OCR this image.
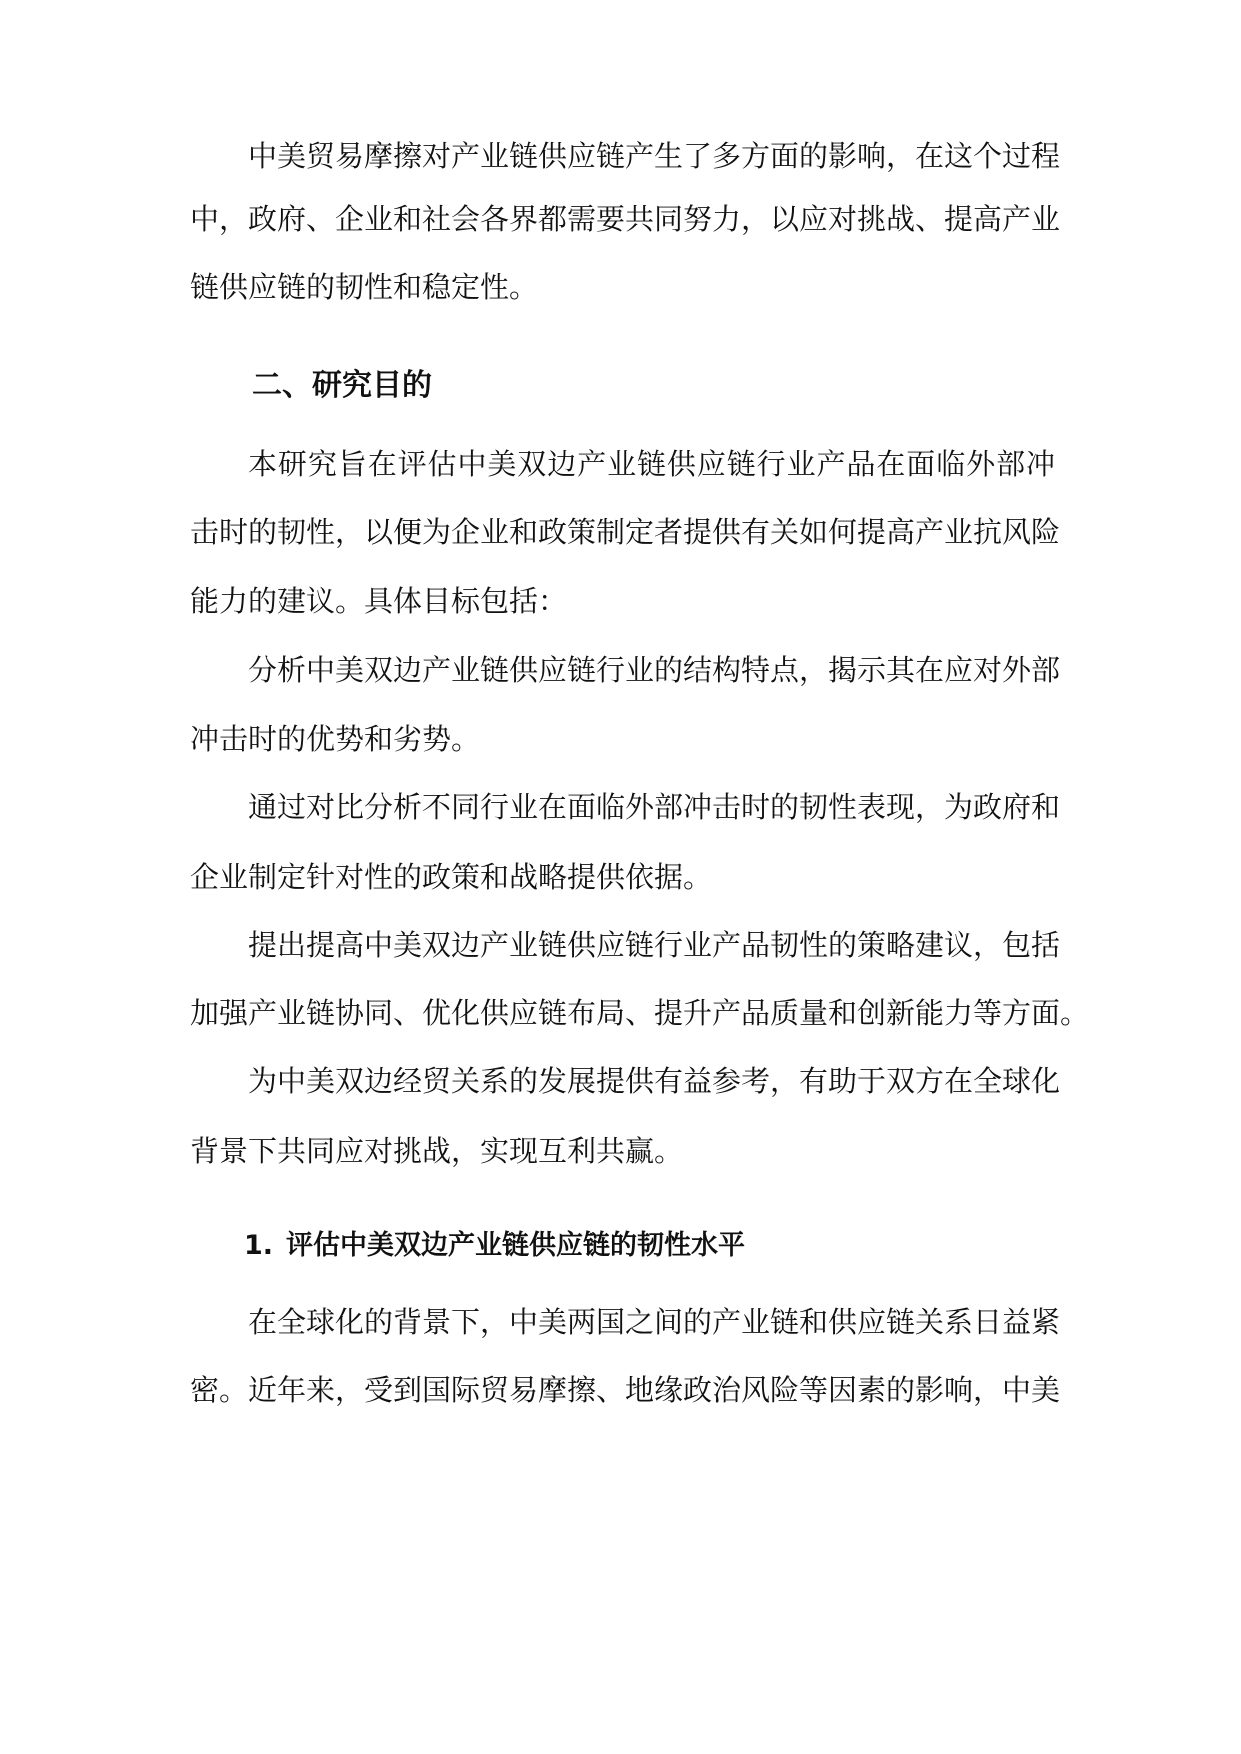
中美贸易摩擦对产业链供应链产生了多方面的影响，在这个过程
中，政府、企业和社会各界都需要共同努力，以应对挑战、提高产业
链供应链的韧性和稳定性。
二、研究目的
本研究旨在评估中美双边产业链供应链行业产品在面临外部冲
击时的韧性，以便为企业和政策制定者提供有关如何提高产业抗风险
能力的建议。具体目标包括：
分析中美双边产业链供应链行业的结构特点，揭示其在应对外部
冲击时的优势和劣势。
通过对比分析不同行业在面临外部冲击时的韧性表现，为政府和
企业制定针对性的政策和战略提供依据。
提出提高中美双边产业链供应链行业产品韧性的策略建议，包括
加强产业链协同、优化供应链布局、提升产品质量和创新能力等方面。
为中美双边经贸关系的发展提供有益参考，有助于双方在全球化
背景下共同应对挑战，实现互利共赢。
1. 评估中美双边产业链供应链的韧性水平
在全球化的背景下，中美两国之间的产业链和供应链关系日益紧
密。近年来，受到国际贸易摩擦、地缘政治风险等因素的影响，中美
